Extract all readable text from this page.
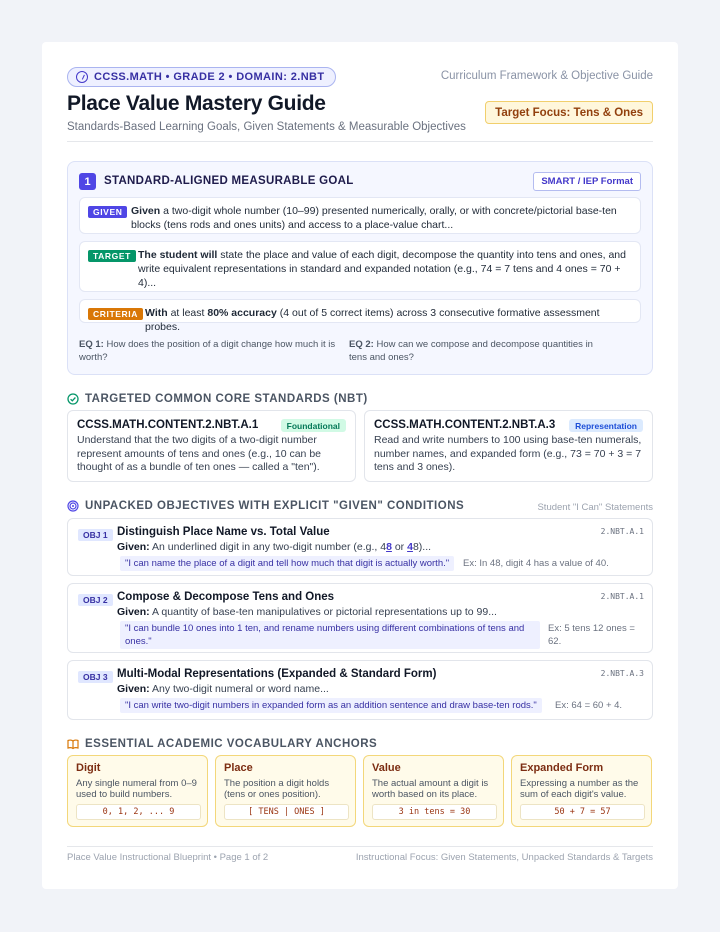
CCSS.MATH • GRADE 2 • DOMAIN: 2.NBT	Curriculum Framework & Objective Guide
Place Value Mastery Guide
Standards-Based Learning Goals, Given Statements & Measurable Objectives
Target Focus: Tens & Ones
1	STANDARD-ALIGNED MEASURABLE GOAL	SMART / IEP Format
GIVEN Given a two-digit whole number (10–99) presented numerically, orally, or with concrete/pictorial base-ten blocks (tens rods and ones units) and access to a place-value chart...
TARGET The student will state the place and value of each digit, decompose the quantity into tens and ones, and write equivalent representations in standard and expanded notation (e.g., 74 = 7 tens and 4 ones = 70 + 4)...
CRITERIA With at least 80% accuracy (4 out of 5 correct items) across 3 consecutive formative assessment probes.
EQ 1: How does the position of a digit change how much it is worth?
EQ 2: How can we compose and decompose quantities in tens and ones?
TARGETED COMMON CORE STANDARDS (NBT)
CCSS.MATH.CONTENT.2.NBT.A.1	Foundational
Understand that the two digits of a two-digit number represent amounts of tens and ones (e.g., 10 can be thought of as a bundle of ten ones — called a "ten").
CCSS.MATH.CONTENT.2.NBT.A.3	Representation
Read and write numbers to 100 using base-ten numerals, number names, and expanded form (e.g., 73 = 70 + 3 = 7 tens and 3 ones).
UNPACKED OBJECTIVES WITH EXPLICIT "GIVEN" CONDITIONS	Student "I Can" Statements
OBJ 1 Distinguish Place Name vs. Total Value	2.NBT.A.1
Given: An underlined digit in any two-digit number (e.g., 48 or 48)...
"I can name the place of a digit and tell how much that digit is actually worth."	Ex: In 48, digit 4 has a value of 40.
OBJ 2 Compose & Decompose Tens and Ones	2.NBT.A.1
Given: A quantity of base-ten manipulatives or pictorial representations up to 99...
"I can bundle 10 ones into 1 ten, and rename numbers using different combinations of tens and ones."
Ex: 5 tens 12 ones = 62.
OBJ 3 Multi-Modal Representations (Expanded & Standard Form)	2.NBT.A.3
Given: Any two-digit numeral or word name...
"I can write two-digit numbers in expanded form as an addition sentence and draw base-ten rods."	Ex: 64 = 60 + 4.
ESSENTIAL ACADEMIC VOCABULARY ANCHORS
Digit
Any single numeral from 0–9 used to build numbers.
0, 1, 2, ... 9
Place
The position a digit holds (tens or ones position).
[ TENS | ONES ]
Value
The actual amount a digit is worth based on its place.
3 in tens = 30
Expanded Form
Expressing a number as the sum of each digit's value.
50 + 7 = 57
Place Value Instructional Blueprint • Page 1 of 2	Instructional Focus: Given Statements, Unpacked Standards & Targets
